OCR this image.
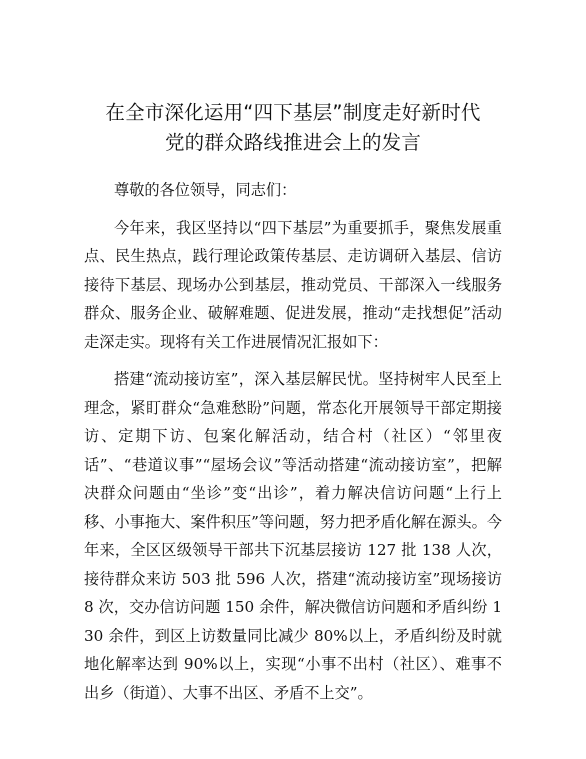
在全市深化运用“四下基层”制度走好新时代
党的群众路线推进会上的发言

尊敬的各位领导，同志们：

今年来，我区坚持以“四下基层”为重要抓手，聚焦发展重点、民生热点，践行理论政策传基层、走访调研入基层、信访接待下基层、现场办公到基层，推动党员、干部深入一线服务群众、服务企业、破解难题、促进发展，推动“走找想促”活动走深走实。现将有关工作进展情况汇报如下：

搭建“流动接访室”，深入基层解民忧。坚持树牢人民至上理念，紧盯群众“急难愁盼”问题，常态化开展领导干部定期接访、定期下访、包案化解活动，结合村（社区）“邻里夜话”、“巷道议事”“屋场会议”等活动搭建“流动接访室”，把解决群众问题由“坐诊”变“出诊”，着力解决信访问题“上行上移、小事拖大、案件积压”等问题，努力把矛盾化解在源头。今年来，全区区级领导干部共下沉基层接访 127 批 138 人次，接待群众来访 503 批 596 人次，搭建“流动接访室”现场接访 8 次，交办信访问题 150 余件，解决微信访问题和矛盾纠纷 130 余件，到区上访数量同比减少 80%以上，矛盾纠纷及时就地化解率达到 90%以上，实现“小事不出村（社区）、难事不出乡（街道）、大事不出区、矛盾不上交”。
